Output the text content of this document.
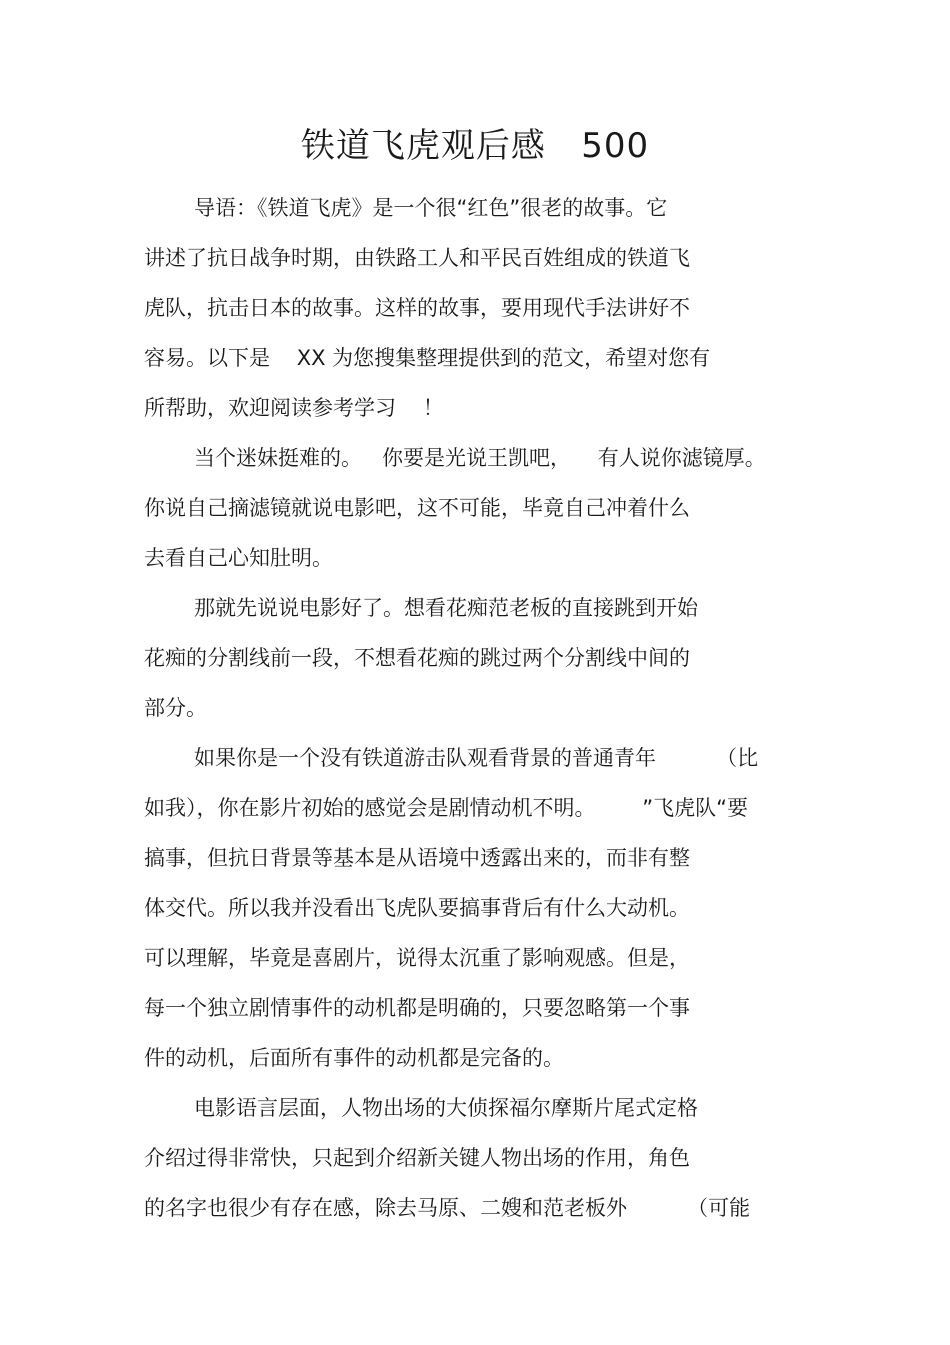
铁道飞虎观后感   500
导语：《铁道飞虎》是一个很“红色”很老的故事。它
讲述了抗日战争时期，由铁路工人和平民百姓组成的铁道飞
虎队，抗击日本的故事。这样的故事，要用现代手法讲好不
容易。以下是    XX 为您搜集整理提供到的范文，希望对您有
所帮助，欢迎阅读参考学习    ！
当个迷妹挺难的。   你要是光说王凯吧，    有人说你滤镜厚。
你说自己摘滤镜就说电影吧，这不可能，毕竟自己冲着什么
去看自己心知肚明。
那就先说说电影好了。想看花痴范老板的直接跳到开始
花痴的分割线前一段，不想看花痴的跳过两个分割线中间的
部分。
如果你是一个没有铁道游击队观看背景的普通青年         （比
如我），你在影片初始的感觉会是剧情动机不明。       ”飞虎队“要
搞事，但抗日背景等基本是从语境中透露出来的，而非有整
体交代。所以我并没看出飞虎队要搞事背后有什么大动机。
可以理解，毕竟是喜剧片，说得太沉重了影响观感。但是，
每一个独立剧情事件的动机都是明确的，只要忽略第一个事
件的动机，后面所有事件的动机都是完备的。
电影语言层面，人物出场的大侦探福尔摩斯片尾式定格
介绍过得非常快，只起到介绍新关键人物出场的作用，角色
的名字也很少有存在感，除去马原、二嫂和范老板外         （可能
